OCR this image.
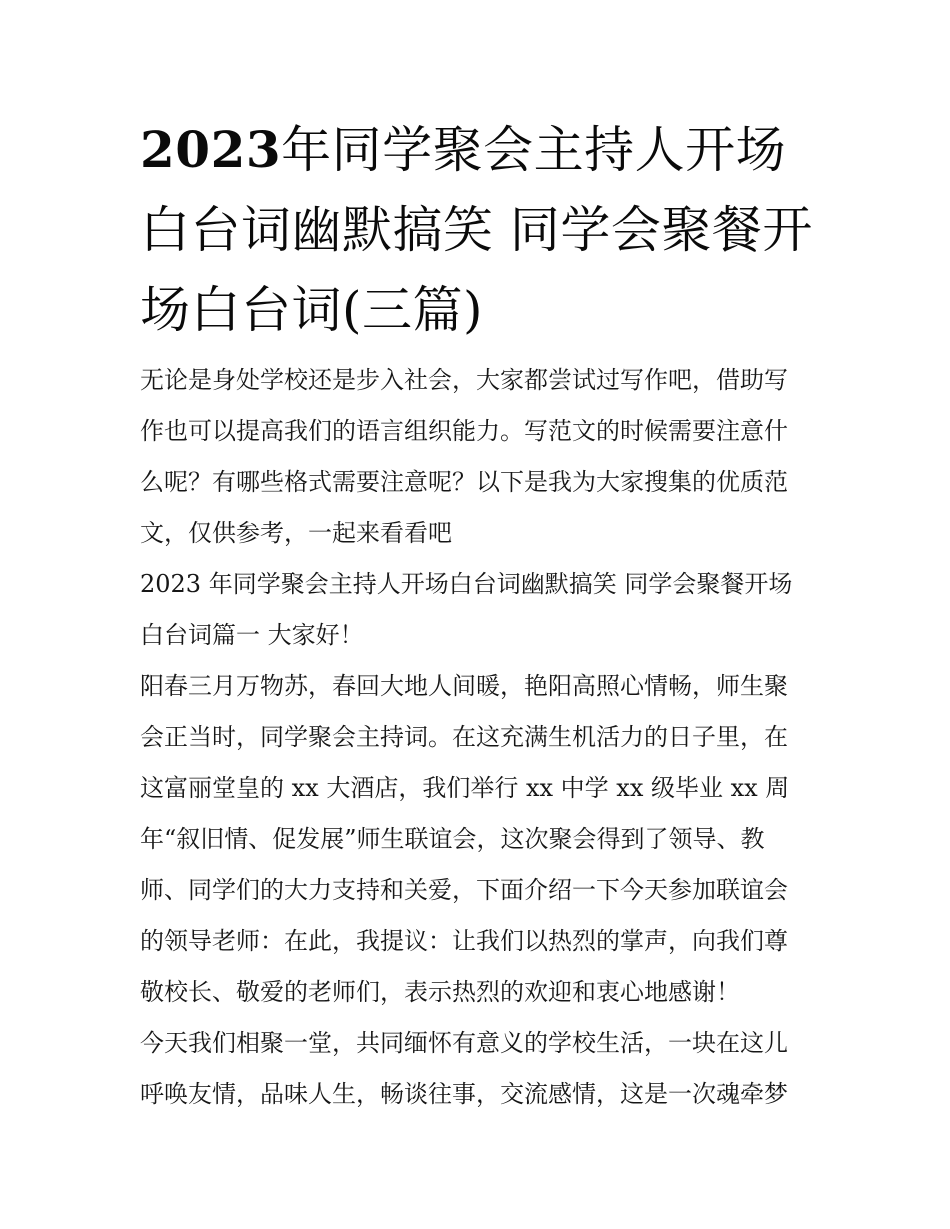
2023年同学聚会主持人开场白台词幽默搞笑 同学会聚餐开场白台词(三篇)

无论是身处学校还是步入社会，大家都尝试过写作吧，借助写
作也可以提高我们的语言组织能力。写范文的时候需要注意什
么呢？有哪些格式需要注意呢？以下是我为大家搜集的优质范
文，仅供参考，一起来看看吧

2023 年同学聚会主持人开场白台词幽默搞笑 同学会聚餐开场
白台词篇一 大家好！

阳春三月万物苏，春回大地人间暖，艳阳高照心情畅，师生聚
会正当时，同学聚会主持词。在这充满生机活力的日子里，在
这富丽堂皇的 xx 大酒店，我们举行 xx 中学 xx 级毕业 xx 周
年“叙旧情、促发展”师生联谊会，这次聚会得到了领导、教
师、同学们的大力支持和关爱，下面介绍一下今天参加联谊会
的领导老师：在此，我提议：让我们以热烈的掌声，向我们尊
敬校长、敬爱的老师们，表示热烈的欢迎和衷心地感谢！

今天我们相聚一堂，共同缅怀有意义的学校生活，一块在这儿
呼唤友情，品味人生，畅谈往事，交流感情，这是一次魂牵梦
